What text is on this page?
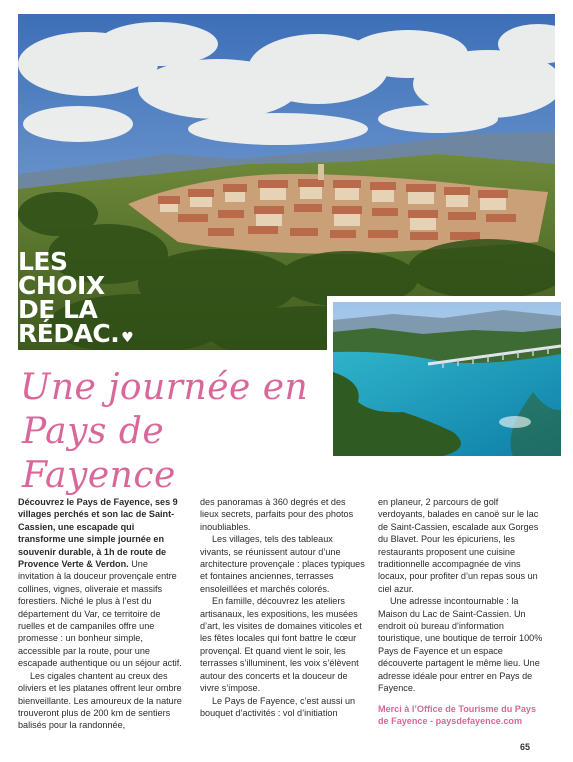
LES
CHOIX
DE LA
RÉDAC. ♥
Une journée en
Pays de Fayence

Découvrez le Pays de Fayence, ses 9 villages perchés et son lac de Saint-Cassien, une escapade qui transforme une simple journée en souvenir durable, à 1h de route de Provence Verte & Verdon. Une invitation à la douceur provençale entre collines, vignes, oliveraie et massifs forestiers. Niché le plus à l’est du département du Var, ce territoire de ruelles et de campaniles offre une promesse : un bonheur simple, accessible par la route, pour une escapade authentique ou un séjour actif.

Les cigales chantent au creux des oliviers et les platanes offrent leur ombre bienveillante. Les amoureux de la nature trouveront plus de 200 km de sentiers balisés pour la randonnée,

des panoramas à 360 degrés et des lieux secrets, parfaits pour des photos inoubliables.

Les villages, tels des tableaux vivants, se réunissent autour d’une architecture provençale : places typiques et fontaines anciennes, terrasses ensoleillées et marchés colorés.

En famille, découvrez les ateliers artisanaux, les expositions, les musées d’art, les visites de domaines viticoles et les fêtes locales qui font battre le cœur provençal. Et quand vient le soir, les terrasses s’illuminent, les voix s’élèvent autour des concerts et la douceur de vivre s’impose.

Le Pays de Fayence, c’est aussi un bouquet d’activités : vol d’initiation

en planeur, 2 parcours de golf verdoyants, balades en canoë sur le lac de Saint-Cassien, escalade aux Gorges du Blavet. Pour les épicuriens, les restaurants proposent une cuisine traditionnelle accompagnée de vins locaux, pour profiter d’un repas sous un ciel azur.

Une adresse incontournable : la Maison du Lac de Saint-Cassien. Un endroit où bureau d’information touristique, une boutique de terroir 100% Pays de Fayence et un espace découverte partagent le même lieu. Une adresse idéale pour entrer en Pays de Fayence.

Merci à l’Office de Tourisme du Pays de Fayence - paysdefayence.com

65
